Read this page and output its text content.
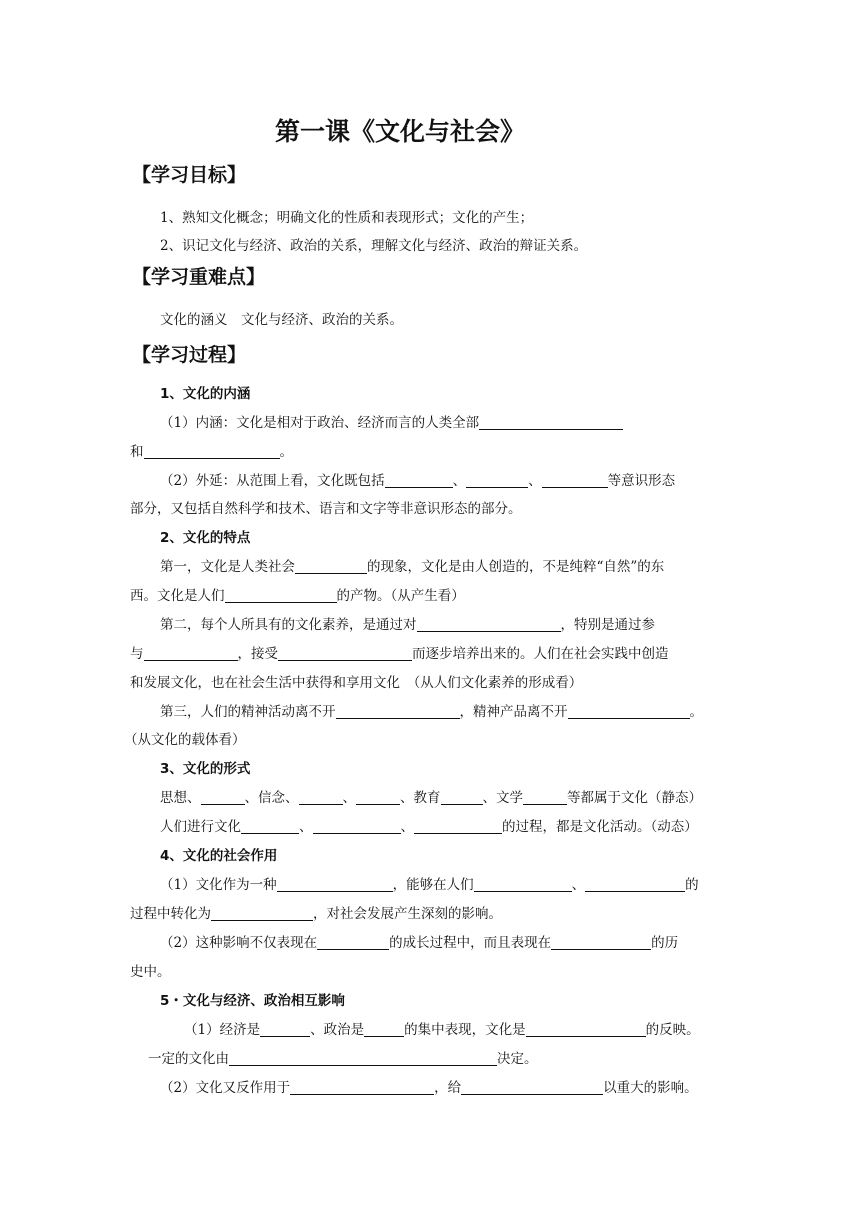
第一课《文化与社会》
【学习目标】
1、熟知文化概念；明确文化的性质和表现形式；文化的产生；
2、识记文化与经济、政治的关系，理解文化与经济、政治的辩证关系。
【学习重难点】
文化的涵义　文化与经济、政治的关系。
【学习过程】
1、文化的内涵
（1）内涵：文化是相对于政治、经济而言的人类全部
和	。
（2）外延：从范围上看，文化既包括	、	、	等意识形态
部分，又包括自然科学和技术、语言和文字等非意识形态的部分。
2、文化的特点
第一，文化是人类社会	的现象，文化是由人创造的，不是纯粹“自然”的东
西。文化是人们	的产物。（从产生看）
第二，每个人所具有的文化素养，是通过对	，特别是通过参
与	，接受	而逐步培养出来的。人们在社会实践中创造
和发展文化，也在社会生活中获得和享用文化　（从人们文化素养的形成看）
第三，人们的精神活动离不开	，精神产品离不开	。
（从文化的载体看）
3、文化的形式
思想、	、信念、	、	、教育	、文学	等都属于文化（静态）
人们进行文化	、	、	的过程，都是文化活动。（动态）
4、文化的社会作用
（1）文化作为一种	，能够在人们	、	的
过程中转化为	，对社会发展产生深刻的影响。
（2）这种影响不仅表现在	的成长过程中，而且表现在	的历
史中。
5・文化与经济、政治相互影响
（1）经济是	、政治是	的集中表现，文化是	的反映。
一定的文化由	决定。
（2）文化又反作用于	，给	以重大的影响。
